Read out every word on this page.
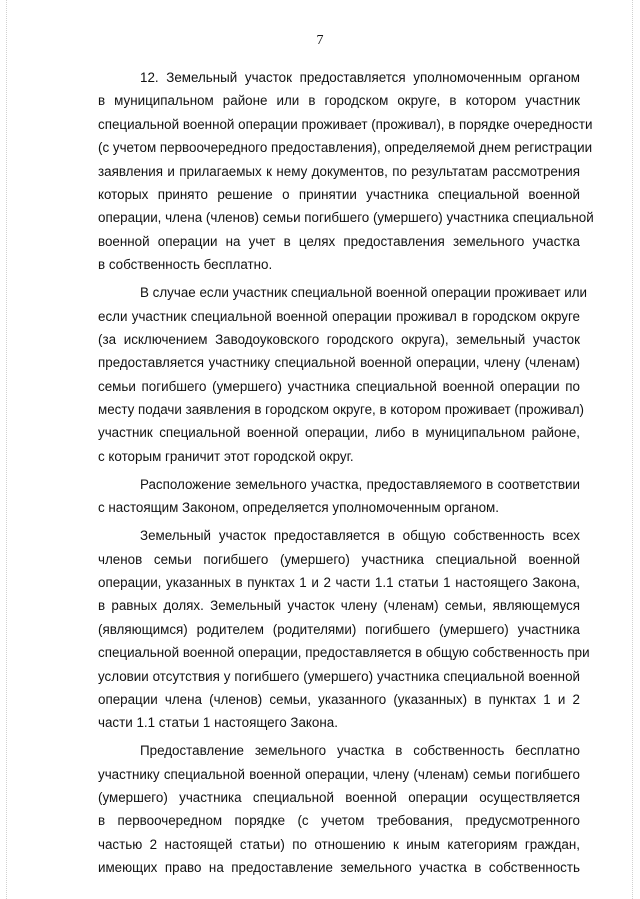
7

12. Земельный участок предоставляется уполномоченным органом
в муниципальном районе или в городском округе, в котором участник
специальной военной операции проживает (проживал), в порядке очередности
(с учетом первоочередного предоставления), определяемой днем регистрации
заявления и прилагаемых к нему документов, по результатам рассмотрения
которых принято решение о принятии участника специальной военной
операции, члена (членов) семьи погибшего (умершего) участника специальной
военной операции на учет в целях предоставления земельного участка
в собственность бесплатно.

В случае если участник специальной военной операции проживает или
если участник специальной военной операции проживал в городском округе
(за исключением Заводоуковского городского округа), земельный участок
предоставляется участнику специальной военной операции, члену (членам)
семьи погибшего (умершего) участника специальной военной операции по
месту подачи заявления в городском округе, в котором проживает (проживал)
участник специальной военной операции, либо в муниципальном районе,
с которым граничит этот городской округ.

Расположение земельного участка, предоставляемого в соответствии
с настоящим Законом, определяется уполномоченным органом.

Земельный участок предоставляется в общую собственность всех
членов семьи погибшего (умершего) участника специальной военной
операции, указанных в пунктах 1 и 2 части 1.1 статьи 1 настоящего Закона,
в равных долях. Земельный участок члену (членам) семьи, являющемуся
(являющимся) родителем (родителями) погибшего (умершего) участника
специальной военной операции, предоставляется в общую собственность при
условии отсутствия у погибшего (умершего) участника специальной военной
операции члена (членов) семьи, указанного (указанных) в пунктах 1 и 2
части 1.1 статьи 1 настоящего Закона.

Предоставление земельного участка в собственность бесплатно
участнику специальной военной операции, члену (членам) семьи погибшего
(умершего) участника специальной военной операции осуществляется
в первоочередном порядке (с учетом требования, предусмотренного
частью 2 настоящей статьи) по отношению к иным категориям граждан,
имеющих право на предоставление земельного участка в собственность
